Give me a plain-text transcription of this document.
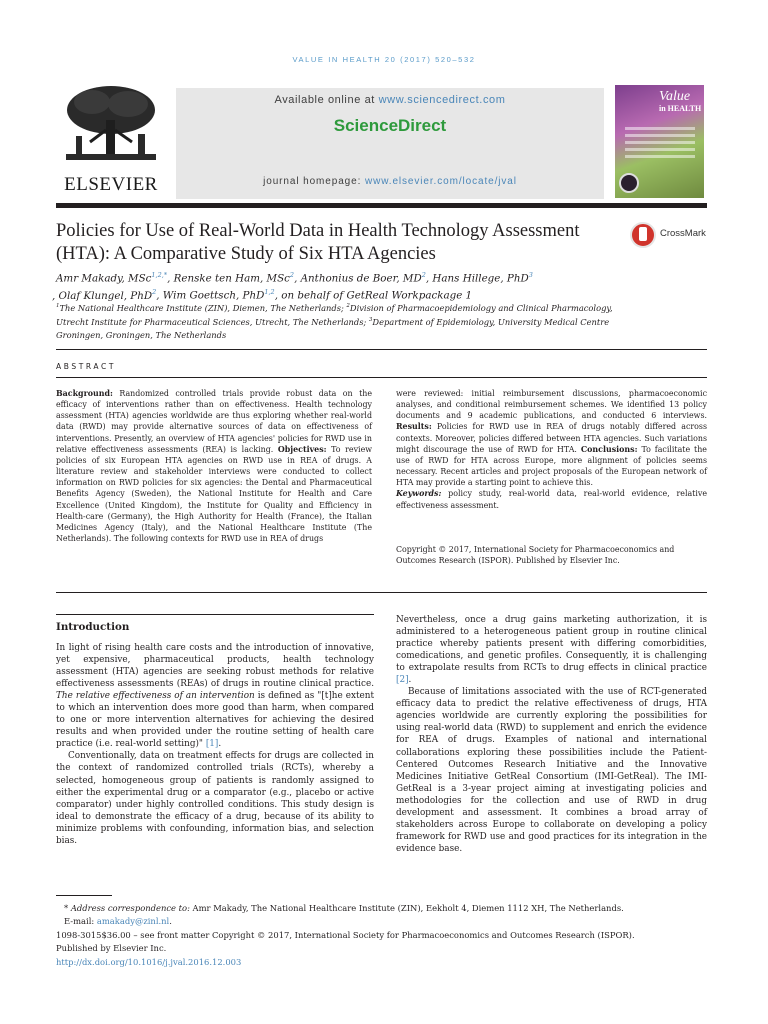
VALUE IN HEALTH 20 (2017) 520–532
ELSEVIER
Available online at www.sciencedirect.com
ScienceDirect
journal homepage: www.elsevier.com/locate/jval
Value
in HEALTH
Policies for Use of Real-World Data in Health Technology Assessment (HTA): A Comparative Study of Six HTA Agencies
CrossMark
Amr Makady, MSc$^{1,2,*}$, Renske ten Ham, MSc$^2$, Anthonius de Boer, $MD^2$, Hans Hillege, PhD$^3$
, Olaf Klungel, PhD$^2$, Wim Goettsch, PhD$^{1,2}$, on behalf of GetReal Workpackage 1
$^1$The National Healthcare Institute (ZIN), Diemen, The Netherlands; $^2$Division of Pharmacoepidemiology and Clinical Pharmacology, Utrecht Institute for Pharmaceutical Sciences, Utrecht, The Netherlands; $^3$Department of Epidemiology, University Medical Centre Groningen, Groningen, The Netherlands
ABSTRACT
Background: Randomized controlled trials provide robust data on the efficacy of interventions rather than on effectiveness. Health technology assessment (HTA) agencies worldwide are thus exploring whether real-world data (RWD) may provide alternative sources of data on effectiveness of interventions. Presently, an overview of HTA agencies' policies for RWD use in relative effectiveness assessments (REA) is lacking. Objectives: To review policies of six European HTA agencies on RWD use in REA of drugs. A literature review and stakeholder interviews were conducted to collect information on RWD policies for six agencies: the Dental and Pharmaceutical Benefits Agency (Sweden), the National Institute for Health and Care Excellence (United Kingdom), the Institute for Quality and Efficiency in Health-care (Germany), the High Authority for Health (France), the Italian Medicines Agency (Italy), and the National Healthcare Institute (The Netherlands). The following contexts for RWD use in REA of drugs
were reviewed: initial reimbursement discussions, pharmacoeconomic analyses, and conditional reimbursement schemes. We identified 13 policy documents and 9 academic publications, and conducted 6 interviews. Results: Policies for RWD use in REA of drugs notably differed across contexts. Moreover, policies differed between HTA agencies. Such variations might discourage the use of RWD for HTA. Conclusions: To facilitate the use of RWD for HTA across Europe, more alignment of policies seems necessary. Recent articles and project proposals of the European network of HTA may provide a starting point to achieve this.
Keywords: policy study, real-world data, real-world evidence, relative effectiveness assessment.
Copyright © 2017, International Society for Pharmacoeconomics and Outcomes Research (ISPOR). Published by Elsevier Inc.
Introduction

In light of rising health care costs and the introduction of innovative, yet expensive, pharmaceutical products, health technology assessment (HTA) agencies are seeking robust methods for relative effectiveness assessments (REAs) of drugs in routine clinical practice. The relative effectiveness of an intervention is defined as "[t]he extent to which an intervention does more good than harm, when compared to one or more intervention alternatives for achieving the desired results and when provided under the routine setting of health care practice (i.e. real-world setting)" [1].

Conventionally, data on treatment effects for drugs are collected in the context of randomized controlled trials (RCTs), whereby a selected, homogeneous group of patients is randomly assigned to either the experimental drug or a comparator (e.g., placebo or active comparator) under highly controlled conditions. This study design is ideal to demonstrate the efficacy of a drug, because of its ability to minimize problems with confounding, information bias, and selection bias.

Nevertheless, once a drug gains marketing authorization, it is administered to a heterogeneous patient group in routine clinical practice whereby patients present with differing comorbidities, comedications, and genetic profiles. Consequently, it is challenging to extrapolate results from RCTs to drug effects in clinical practice [2].

Because of limitations associated with the use of RCT-generated efficacy data to predict the relative effectiveness of drugs, HTA agencies worldwide are currently exploring the possibilities for using real-world data (RWD) to supplement and enrich the evidence for REA of drugs. Examples of national and international collaborations exploring these possibilities include the Patient-Centered Outcomes Research Initiative and the Innovative Medicines Initiative GetReal Consortium (IMI-GetReal). The IMI-GetReal is a 3-year project aiming at investigating policies and methodologies for the collection and use of RWD in drug development and assessment. It combines a broad array of stakeholders across Europe to collaborate on developing a policy framework for RWD use and good practices for its integration in the evidence base.

* Address correspondence to: Amr Makady, The National Healthcare Institute (ZIN), Eekholt 4, Diemen 1112 XH, The Netherlands.

E-mail: amakady@zinl.nl.

1098-3015$36.00 – see front matter Copyright © 2017, International Society for Pharmacoeconomics and Outcomes Research (ISPOR).

Published by Elsevier Inc.

http://dx.doi.org/10.1016/j.jval.2016.12.003
